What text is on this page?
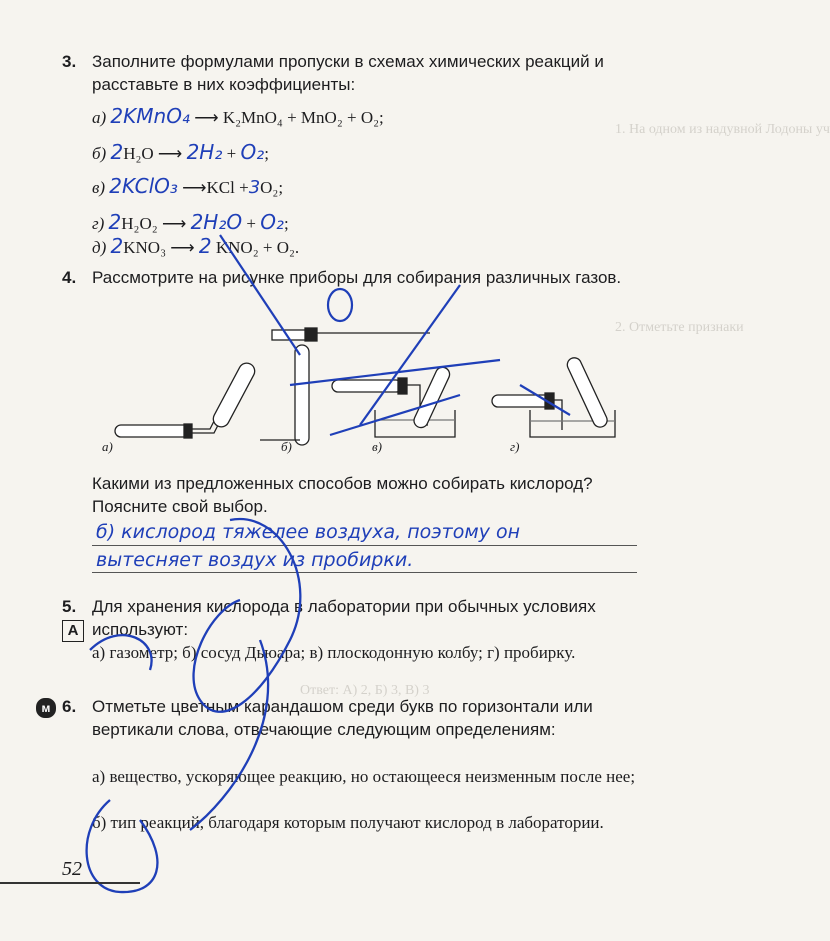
1. На одном из надувной Лодоны уч
2. Отметьте признаки
Ответ: А) 2, Б) 3, В) 3
3. Заполните формулами пропуски в схемах химических реакций и расставьте в них коэффициенты:
а) 2KMnO₄ ⟶ K₂MnO₄ + MnO₂ + O₂;
б) 2H₂O ⟶ 2H₂ + O₂;
в) 2KClO₃ ⟶KCl +3O₂;
г) 2H₂O₂ ⟶ 2H₂O + O₂;
д) 2KNO₃ ⟶ 2 KNO₂ + O₂.
4. Рассмотрите на рисунке приборы для собирания различных газов.
а)	б)	в)	г)
Какими из предложенных способов можно собирать кислород? Поясните свой выбор.
б) кислород тяжелее воздуха, поэтому он
вытесняет воздух из пробирки.
5.
А
Для хранения кислорода в лаборатории при обычных условиях используют:
а) газометр; б) сосуд Дьюара; в) плоскодонную колбу; г) пробирку.
м 6. Отметьте цветным карандашом среди букв по горизонтали или вертикали слова, отвечающие следующим определениям:
а) вещество, ускоряющее реакцию, но остающееся неизменным после нее;
б) тип реакций, благодаря которым получают кислород в лаборатории.
52
